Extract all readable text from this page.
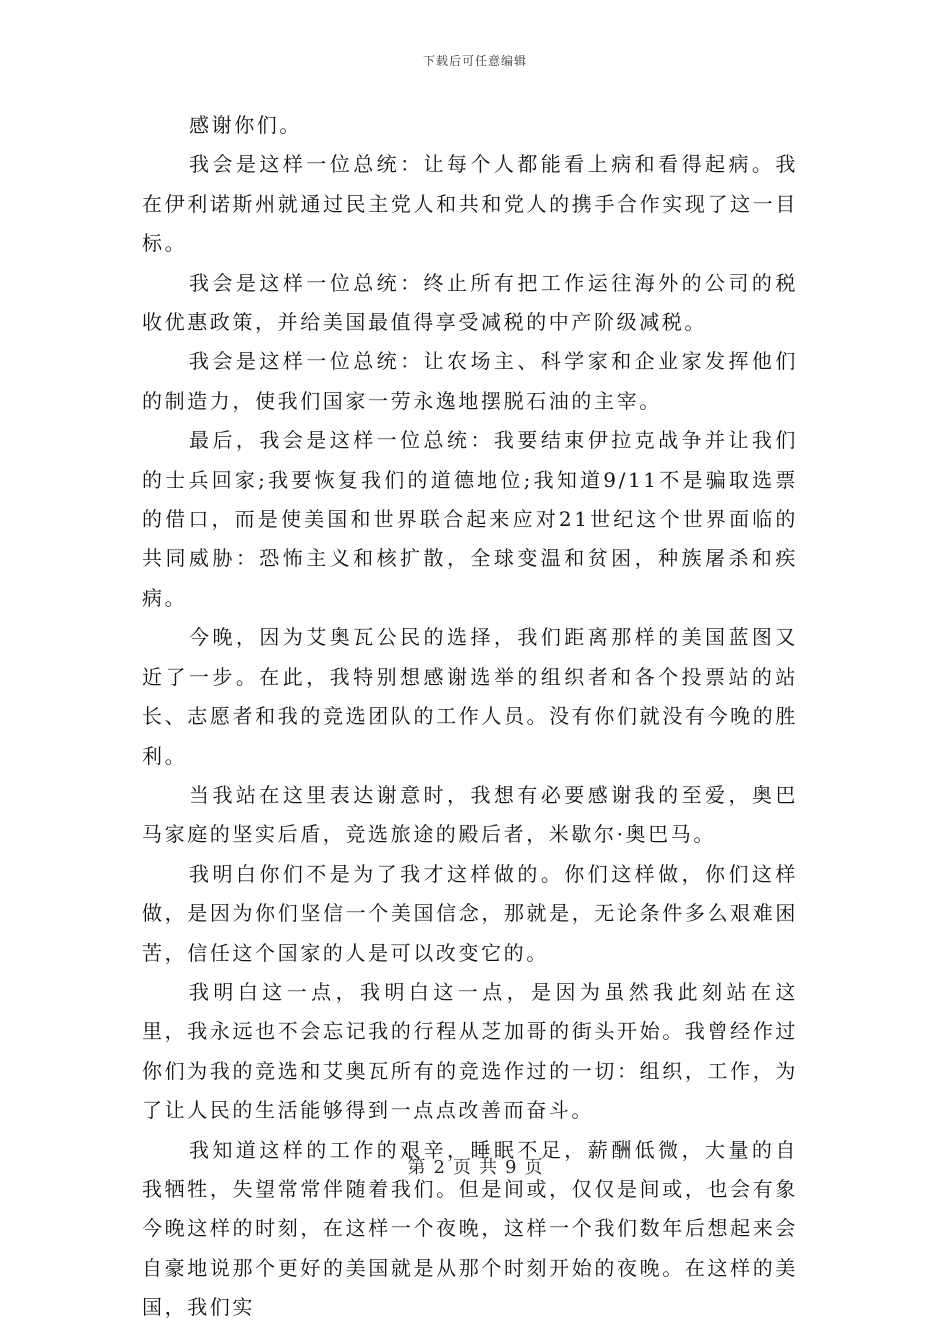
下载后可任意编辑

感谢你们。

我会是这样一位总统：让每个人都能看上病和看得起病。我在伊利诺斯州就通过民主党人和共和党人的携手合作实现了这一目标。

我会是这样一位总统：终止所有把工作运往海外的公司的税收优惠政策，并给美国最值得享受减税的中产阶级减税。

我会是这样一位总统：让农场主、科学家和企业家发挥他们的制造力，使我们国家一劳永逸地摆脱石油的主宰。

最后，我会是这样一位总统：我要结束伊拉克战争并让我们的士兵回家;我要恢复我们的道德地位;我知道9/11不是骗取选票的借口，而是使美国和世界联合起来应对21世纪这个世界面临的共同威胁：恐怖主义和核扩散，全球变温和贫困，种族屠杀和疾病。

今晚，因为艾奥瓦公民的选择，我们距离那样的美国蓝图又近了一步。在此，我特别想感谢选举的组织者和各个投票站的站长、志愿者和我的竞选团队的工作人员。没有你们就没有今晚的胜利。

当我站在这里表达谢意时，我想有必要感谢我的至爱，奥巴马家庭的坚实后盾，竞选旅途的殿后者，米歇尔·奥巴马。

我明白你们不是为了我才这样做的。你们这样做，你们这样做，是因为你们坚信一个美国信念，那就是，无论条件多么艰难困苦，信任这个国家的人是可以改变它的。

我明白这一点，我明白这一点，是因为虽然我此刻站在这里，我永远也不会忘记我的行程从芝加哥的街头开始。我曾经作过你们为我的竞选和艾奥瓦所有的竞选作过的一切：组织，工作，为了让人民的生活能够得到一点点改善而奋斗。

我知道这样的工作的艰辛，睡眠不足，薪酬低微，大量的自我牺牲，失望常常伴随着我们。但是间或，仅仅是间或，也会有象今晚这样的时刻，在这样一个夜晚，这样一个我们数年后想起来会自豪地说那个更好的美国就是从那个时刻开始的夜晚。在这样的美国，我们实

第 2 页 共 9 页
